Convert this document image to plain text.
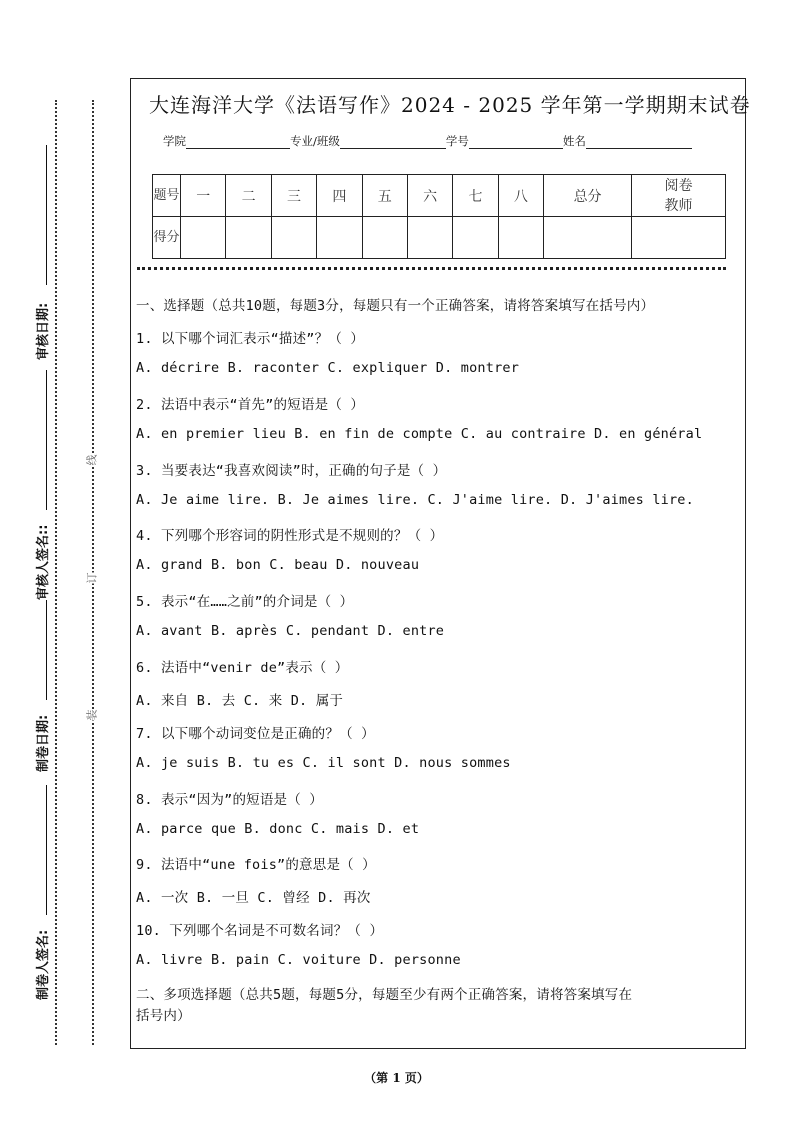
制卷人签名:
制卷日期:
审核人签名::
审核日期:
装
订
线
大连海洋大学《法语写作》2024 - 2025 学年第一学期期末试卷
学院	专业/班级	学号	姓名
题号	一	二	三	四	五	六	七	八	总分	阅卷教师
得分										
一、选择题（总共10题，每题3分，每题只有一个正确答案，请将答案填写在括号内）
1. 以下哪个词汇表示“描述”？（ ）
A. décrire B. raconter C. expliquer D. montrer
2. 法语中表示“首先”的短语是（ ）
A. en premier lieu B. en fin de compte C. au contraire D. en général
3. 当要表达“我喜欢阅读”时，正确的句子是（ ）
A. Je aime lire. B. Je aimes lire. C. J'aime lire. D. J'aimes lire.
4. 下列哪个形容词的阴性形式是不规则的？（ ）
A. grand B. bon C. beau D. nouveau
5. 表示“在……之前”的介词是（ ）
A. avant B. après C. pendant D. entre
6. 法语中“venir de”表示（ ）
A. 来自 B. 去 C. 来 D. 属于
7. 以下哪个动词变位是正确的？（ ）
A. je suis B. tu es C. il sont D. nous sommes
8. 表示“因为”的短语是（ ）
A. parce que B. donc C. mais D. et
9. 法语中“une fois”的意思是（ ）
A. 一次 B. 一旦 C. 曾经 D. 再次
10. 下列哪个名词是不可数名词？（ ）
A. livre B. pain C. voiture D. personne
二、多项选择题（总共5题，每题5分，每题至少有两个正确答案，请将答案填写在
括号内）
（第 1 页）
